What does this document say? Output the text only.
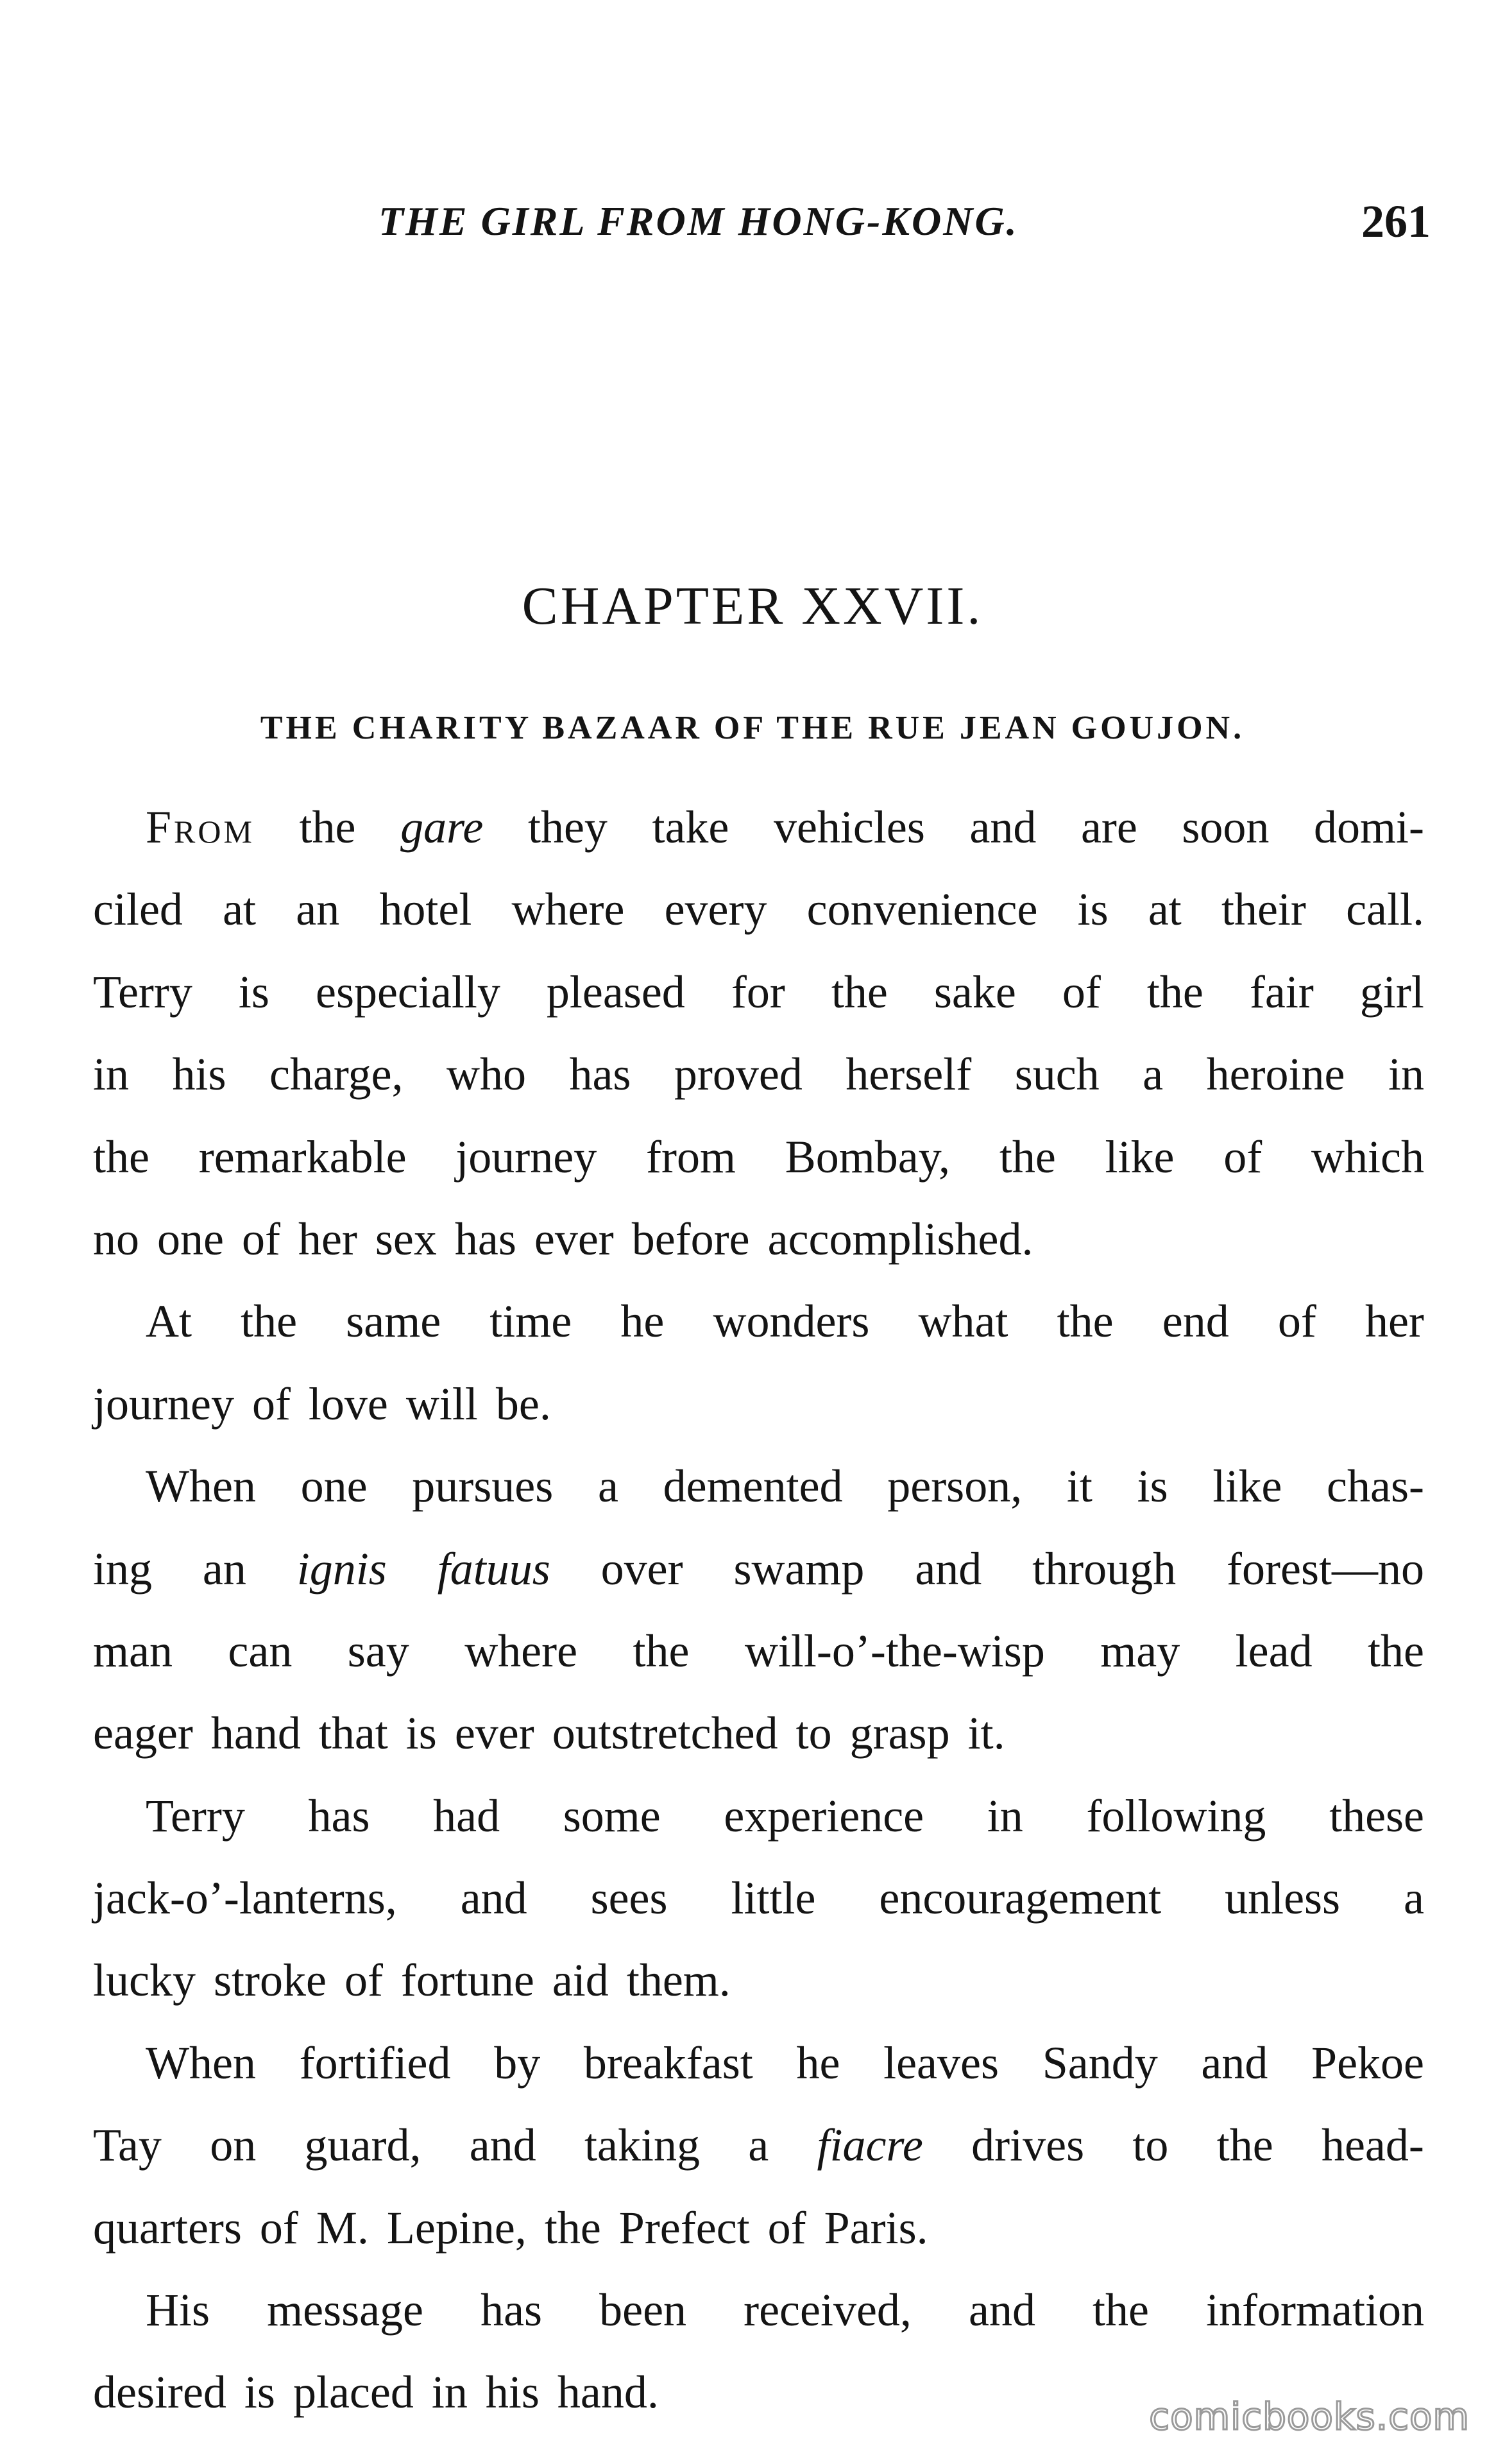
THE GIRL FROM HONG-KONG.	261
CHAPTER XXVII.
THE CHARITY BAZAAR OF THE RUE JEAN GOUJON.
From the gare they take vehicles and are soon domi-
ciled at an hotel where every convenience is at their call.
Terry is especially pleased for the sake of the fair girl
in his charge, who has proved herself such a heroine in
the remarkable journey from Bombay, the like of which
no
one
of
her
sex
has
ever
before
accomplished.
At the same time he wonders what the end of her
journey
of
love
will
be.
When one pursues a demented person, it is like chas-
ing an ignis fatuus over swamp and through forest—no
man can say where the will-o’-the-wisp may lead the
eager
hand
that
is
ever
outstretched
to
grasp
it.
Terry has had some experience in following these
jack-o’-lanterns, and sees little encouragement unless a
lucky
stroke
of
fortune
aid
them.
When fortified by breakfast he leaves Sandy and Pekoe
Tay on guard, and taking a fiacre drives to the head-
quarters
of
M.
Lepine,
the
Prefect
of
Paris.
His message has been received, and the information
desired
is
placed
in
his
hand.	comicbooks.com
